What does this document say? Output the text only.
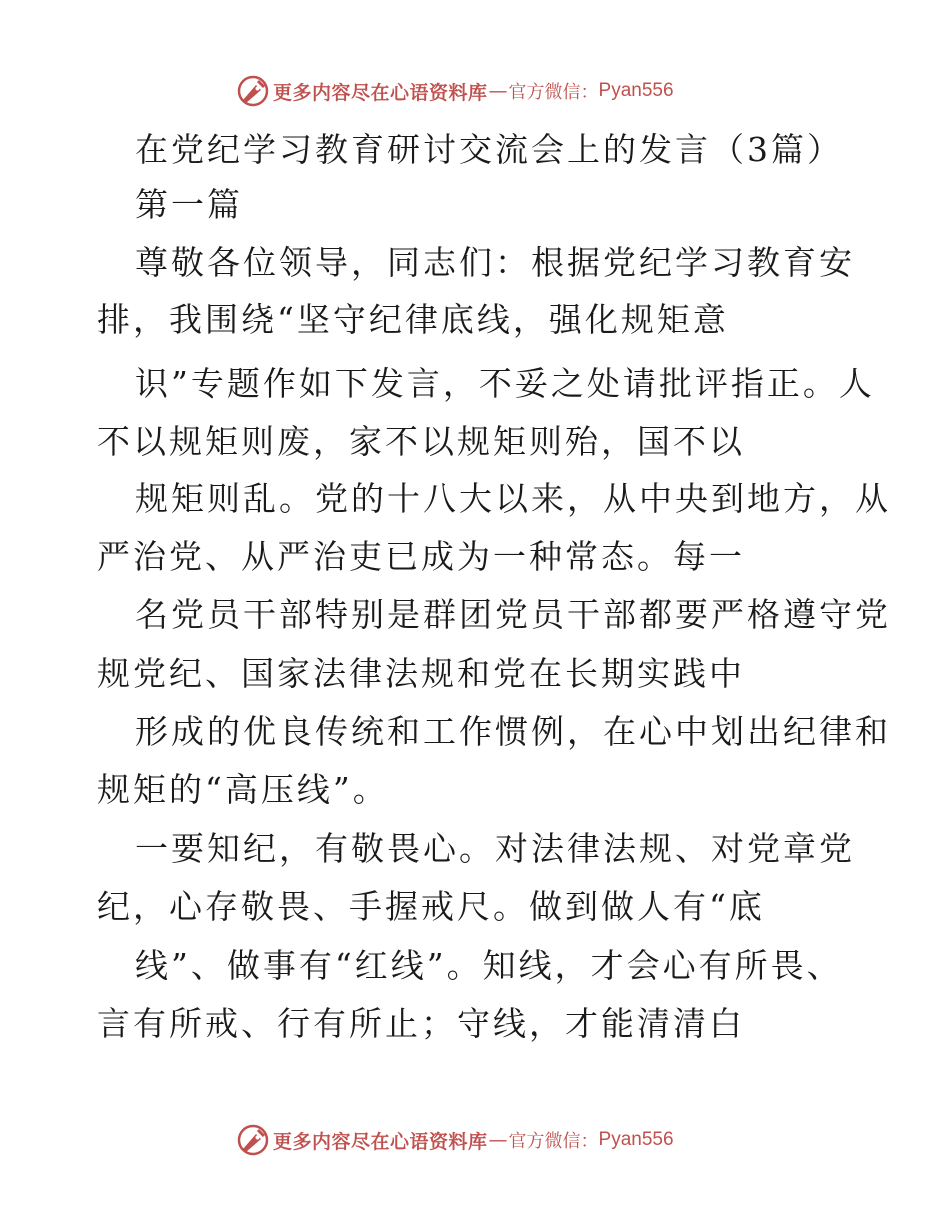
更多内容尽在心语资料库 — 官方微信： Pyan556
在党纪学习教育研讨交流会上的发言（3篇）
第一篇
尊敬各位领导，同志们：根据党纪学习教育安
排，我围绕“坚守纪律底线，强化规矩意
识”专题作如下发言，不妥之处请批评指正。人
不以规矩则废，家不以规矩则殆，国不以
规矩则乱。党的十八大以来，从中央到地方，从
严治党、从严治吏已成为一种常态。每一
名党员干部特别是群团党员干部都要严格遵守党
规党纪、国家法律法规和党在长期实践中
形成的优良传统和工作惯例，在心中划出纪律和
规矩的“高压线”。
一要知纪，有敬畏心。对法律法规、对党章党
纪，心存敬畏、手握戒尺。做到做人有“底
线”、做事有“红线”。知线，才会心有所畏、
言有所戒、行有所止；守线，才能清清白
更多内容尽在心语资料库 — 官方微信： Pyan556
